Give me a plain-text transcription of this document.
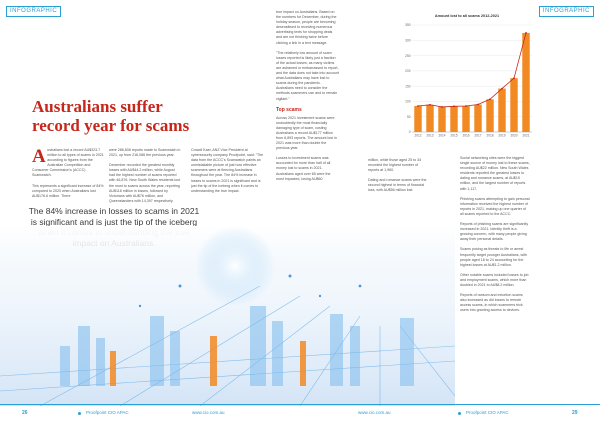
INFOGRAPHIC	INFOGRAPHIC
Australians suffer record year for scams

Australians lost a record AU$323.7 million to all types of scams in 2021 according to figures from the Australian Competition and Consumer Commission's (ACCC) Scamwatch.

This represents a significant increase of 84% compared to 2020 when Australians lost AU$176.6 million. There

were 286,608 reports made to Scamwatch in 2021, up from 216,086 the previous year.

December recorded the greatest monthly losses with AU$44.2 million, while August had the highest number of scams reported with 46,876. New South Wales residents lost the most to scams across the year, reporting AU$118 million in losses, followed by Victorians with AU$76 million, and Queenslanders with 14,397 respectively.

Crowdi Kaer, ANZ Vice President at cybersecurity company Proofpoint, said: "The data from the ACCC's Scamwatch paints an unmistakable picture of just how effective scammers were at fleecing Australians throughout the year. The 84% increase in losses to scams in 2021 is significant and is just the tip of the iceberg when it comes to understanding the true impact.

true impact on Australians. Based on the numbers for December, during the holiday season, people are becoming desensitised to receiving numerous advertising texts for shopping deals and are not thinking twice before clicking a link in a text message.

"The relatively low amount of scam losses reported is likely just a fraction of the actual losses, as many victims are ashamed or embarrassed to report, and the data does not take into account what Australians may have lost to scams during the pandemic. Australians need to consider the methods scammers use and to remain vigilant."

Top scams

Across 2021 investment scams were undoubtedly the most financially damaging type of scam, costing Australians a record AU$177 million from 6,893 reports. The amount lost in 2021 was more than double the previous year.

Losses to investment scams was accounted for more than half of all money lost to scams in 2021. Australians aged over 65 were the most impacted, losing AU$60

million, while those aged 25 to 34 recorded the highest number of reports at 1,960.

Dating and romance scams were the second highest in terms of financial loss, with AU$56 million lost.

Social networking sites were the biggest single source of money lost to these scams, recording AU$22 million. New South Wales residents reported the greatest losses to dating and romance scams, at AU$15 million, and the largest number of reports with 1,117.

Phishing scams attempting to gain personal information received the highest number of reports in 2021, making up one quarter of all scams reported to the ACCC.

Reports of phishing scams are significantly increased in 2021. Identity theft is a growing concern, with many people giving away their personal details.

Scams posing as threats to life or arrest frequently target younger Australians, with people aged 18 to 24 accounting for the highest losses at AU$1.2 million.

Other notable scams included losses to job and employment scams, which more than doubled in 2021 to AU$8.2 million.

Reports of ransom and extortion scams also increased as did losses to remote access scams, in which scammers trick users into granting access to devices.

The 84% increase in losses to scams in 2021 is significant and is just the tip of the iceberg
Amount lost to all scams 2012-2021
0
50
100
150
200
250
300
350
2012 2013 2014 2015 2016 2017 2018 2019 2020 2021
26	Proofpoint CIO APAC	www.cio.com.au	www.cio.com.au	Proofpoint CIO APAC	29
